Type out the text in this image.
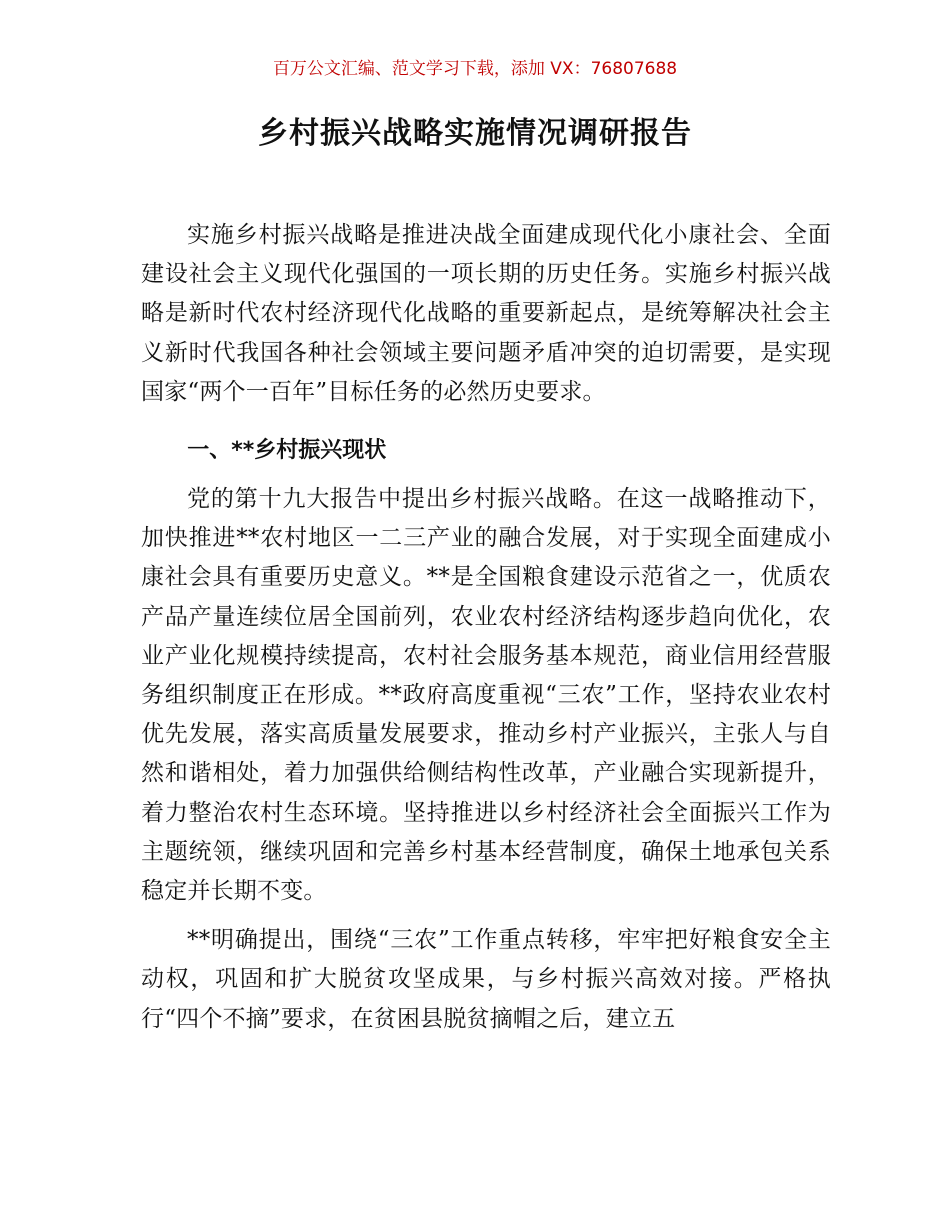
百万公文汇编、范文学习下载，添加 VX：76807688
乡村振兴战略实施情况调研报告

实施乡村振兴战略是推进决战全面建成现代化小康社会、全面建设社会主义现代化强国的一项长期的历史任务。实施乡村振兴战略是新时代农村经济现代化战略的重要新起点，是统筹解决社会主义新时代我国各种社会领域主要问题矛盾冲突的迫切需要，是实现国家“两个一百年”目标任务的必然历史要求。

一、**乡村振兴现状

党的第十九大报告中提出乡村振兴战略。在这一战略推动下，加快推进**农村地区一二三产业的融合发展，对于实现全面建成小康社会具有重要历史意义。**是全国粮食建设示范省之一，优质农产品产量连续位居全国前列，农业农村经济结构逐步趋向优化，农业产业化规模持续提高，农村社会服务基本规范，商业信用经营服务组织制度正在形成。**政府高度重视“三农”工作，坚持农业农村优先发展，落实高质量发展要求，推动乡村产业振兴，主张人与自然和谐相处，着力加强供给侧结构性改革，产业融合实现新提升，着力整治农村生态环境。坚持推进以乡村经济社会全面振兴工作为主题统领，继续巩固和完善乡村基本经营制度，确保土地承包关系稳定并长期不变。

**明确提出，围绕“三农”工作重点转移，牢牢把好粮食安全主动权，巩固和扩大脱贫攻坚成果，与乡村振兴高效对接。严格执行“四个不摘”要求，在贫困县脱贫摘帽之后，建立五
